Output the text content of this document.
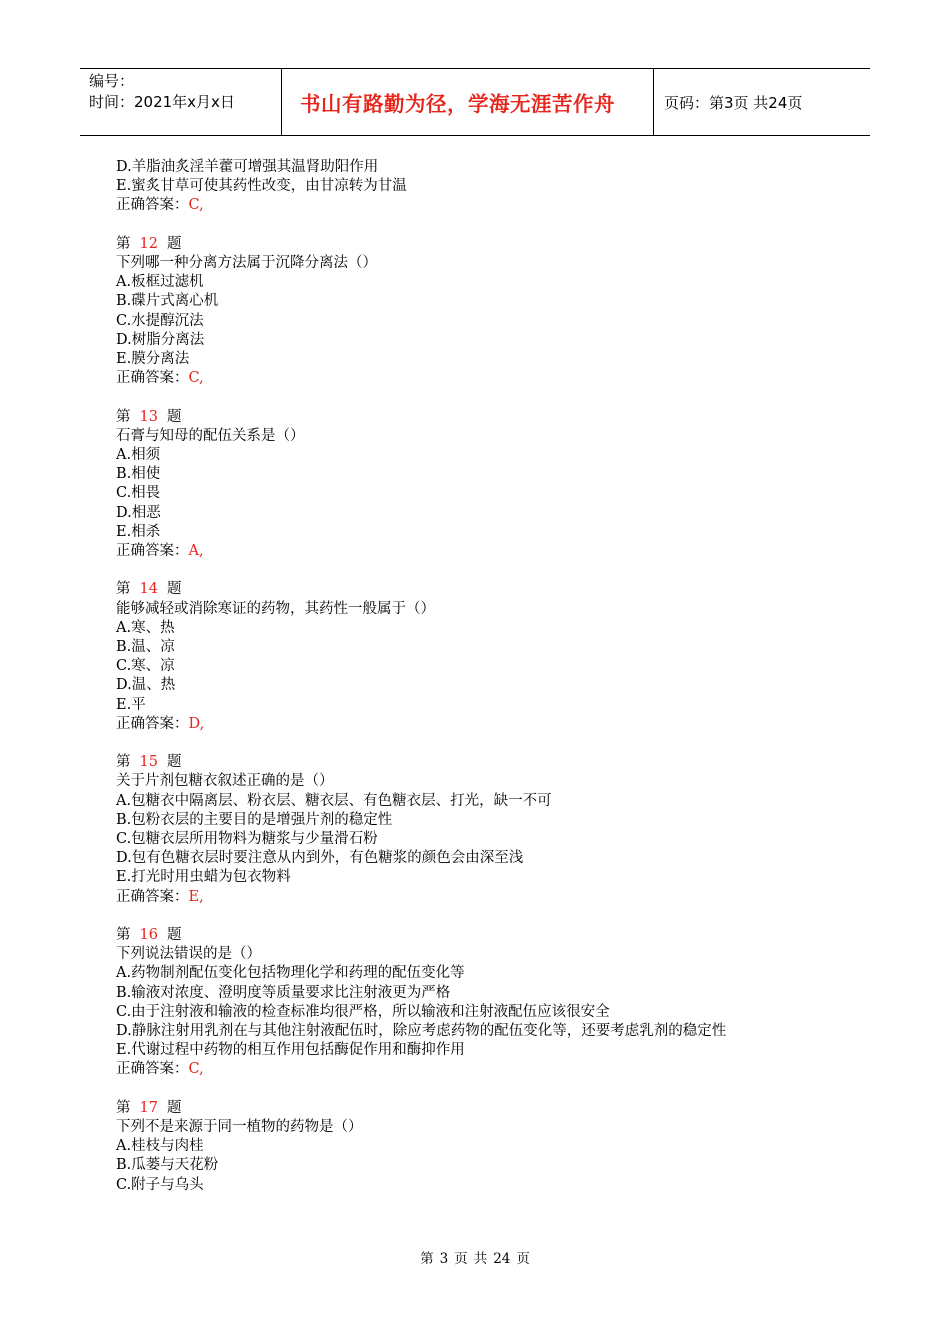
编号：
时间：2021年x月x日	书山有路勤为径，学海无涯苦作舟	页码：第3页 共24页
D.羊脂油炙淫羊藿可增强其温肾助阳作用
E.蜜炙甘草可使其药性改变，由甘凉转为甘温
正确答案：C,
第 12 题
下列哪一种分离方法属于沉降分离法（）
A.板框过滤机
B.碟片式离心机
C.水提醇沉法
D.树脂分离法
E.膜分离法
正确答案：C,
第 13 题
石膏与知母的配伍关系是（）
A.相须
B.相使
C.相畏
D.相恶
E.相杀
正确答案：A,
第 14 题
能够减轻或消除寒证的药物，其药性一般属于（）
A.寒、热
B.温、凉
C.寒、凉
D.温、热
E.平
正确答案：D,
第 15 题
关于片剂包糖衣叙述正确的是（）
A.包糖衣中隔离层、粉衣层、糖衣层、有色糖衣层、打光，缺一不可
B.包粉衣层的主要目的是增强片剂的稳定性
C.包糖衣层所用物料为糖浆与少量滑石粉
D.包有色糖衣层时要注意从内到外，有色糖浆的颜色会由深至浅
E.打光时用虫蜡为包衣物料
正确答案：E,
第 16 题
下列说法错误的是（）
A.药物制剂配伍变化包括物理化学和药理的配伍变化等
B.输液对浓度、澄明度等质量要求比注射液更为严格
C.由于注射液和输液的检查标准均很严格，所以输液和注射液配伍应该很安全
D.静脉注射用乳剂在与其他注射液配伍时，除应考虑药物的配伍变化等，还要考虑乳剂的稳定性
E.代谢过程中药物的相互作用包括酶促作用和酶抑作用
正确答案：C,
第 17 题
下列不是来源于同一植物的药物是（）
A.桂枝与肉桂
B.瓜蒌与天花粉
C.附子与乌头
第 3 页 共 24 页
